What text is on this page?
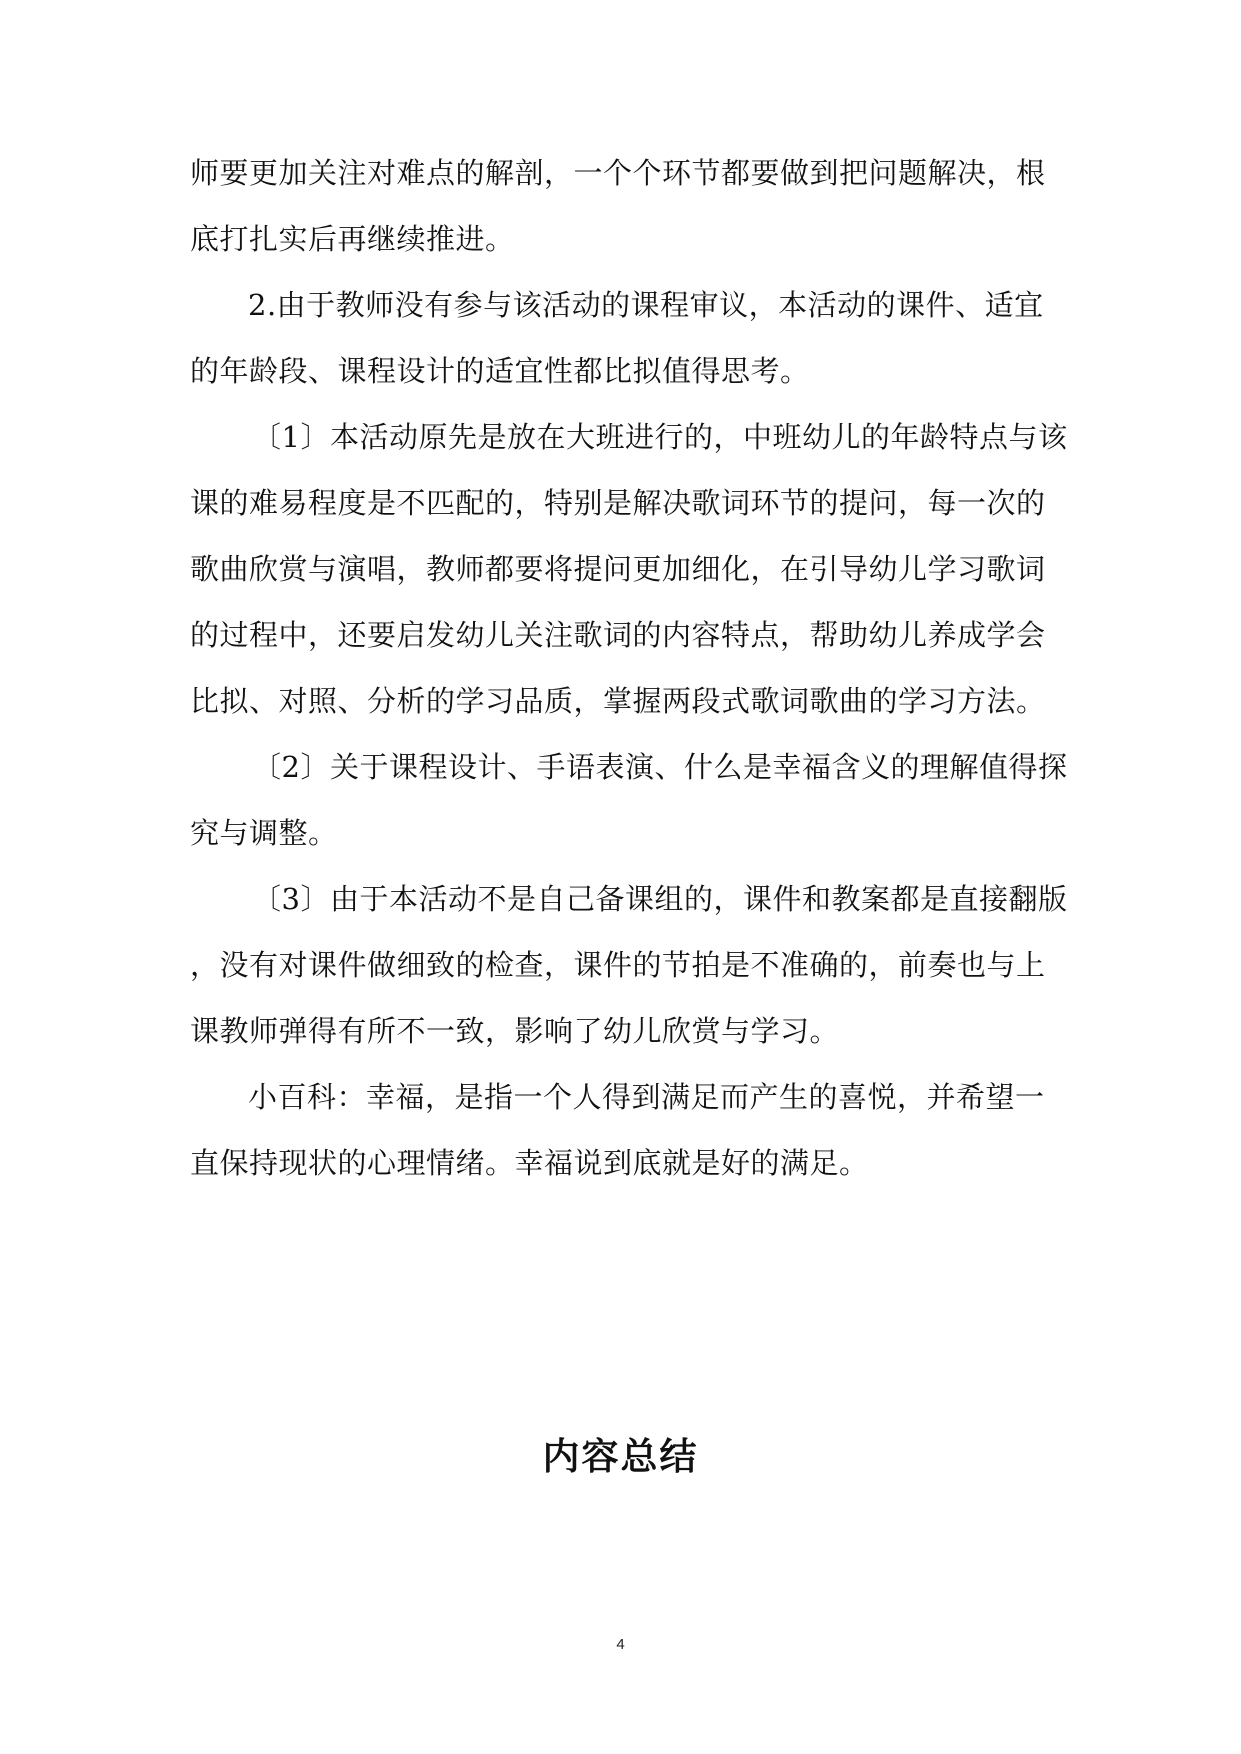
师要更加关注对难点的解剖，一个个环节都要做到把问题解决，根
底打扎实后再继续推进。
2.由于教师没有参与该活动的课程审议，本活动的课件、适宜
的年龄段、课程设计的适宜性都比拟值得思考。
〔1〕本活动原先是放在大班进行的，中班幼儿的年龄特点与该
课的难易程度是不匹配的，特别是解决歌词环节的提问，每一次的
歌曲欣赏与演唱，教师都要将提问更加细化，在引导幼儿学习歌词
的过程中，还要启发幼儿关注歌词的内容特点，帮助幼儿养成学会
比拟、对照、分析的学习品质，掌握两段式歌词歌曲的学习方法。
〔2〕关于课程设计、手语表演、什么是幸福含义的理解值得探
究与调整。
〔3〕由于本活动不是自己备课组的，课件和教案都是直接翻版
，没有对课件做细致的检查，课件的节拍是不准确的，前奏也与上
课教师弹得有所不一致，影响了幼儿欣赏与学习。
小百科：幸福，是指一个人得到满足而产生的喜悦，并希望一
直保持现状的心理情绪。幸福说到底就是好的满足。
内容总结
4
